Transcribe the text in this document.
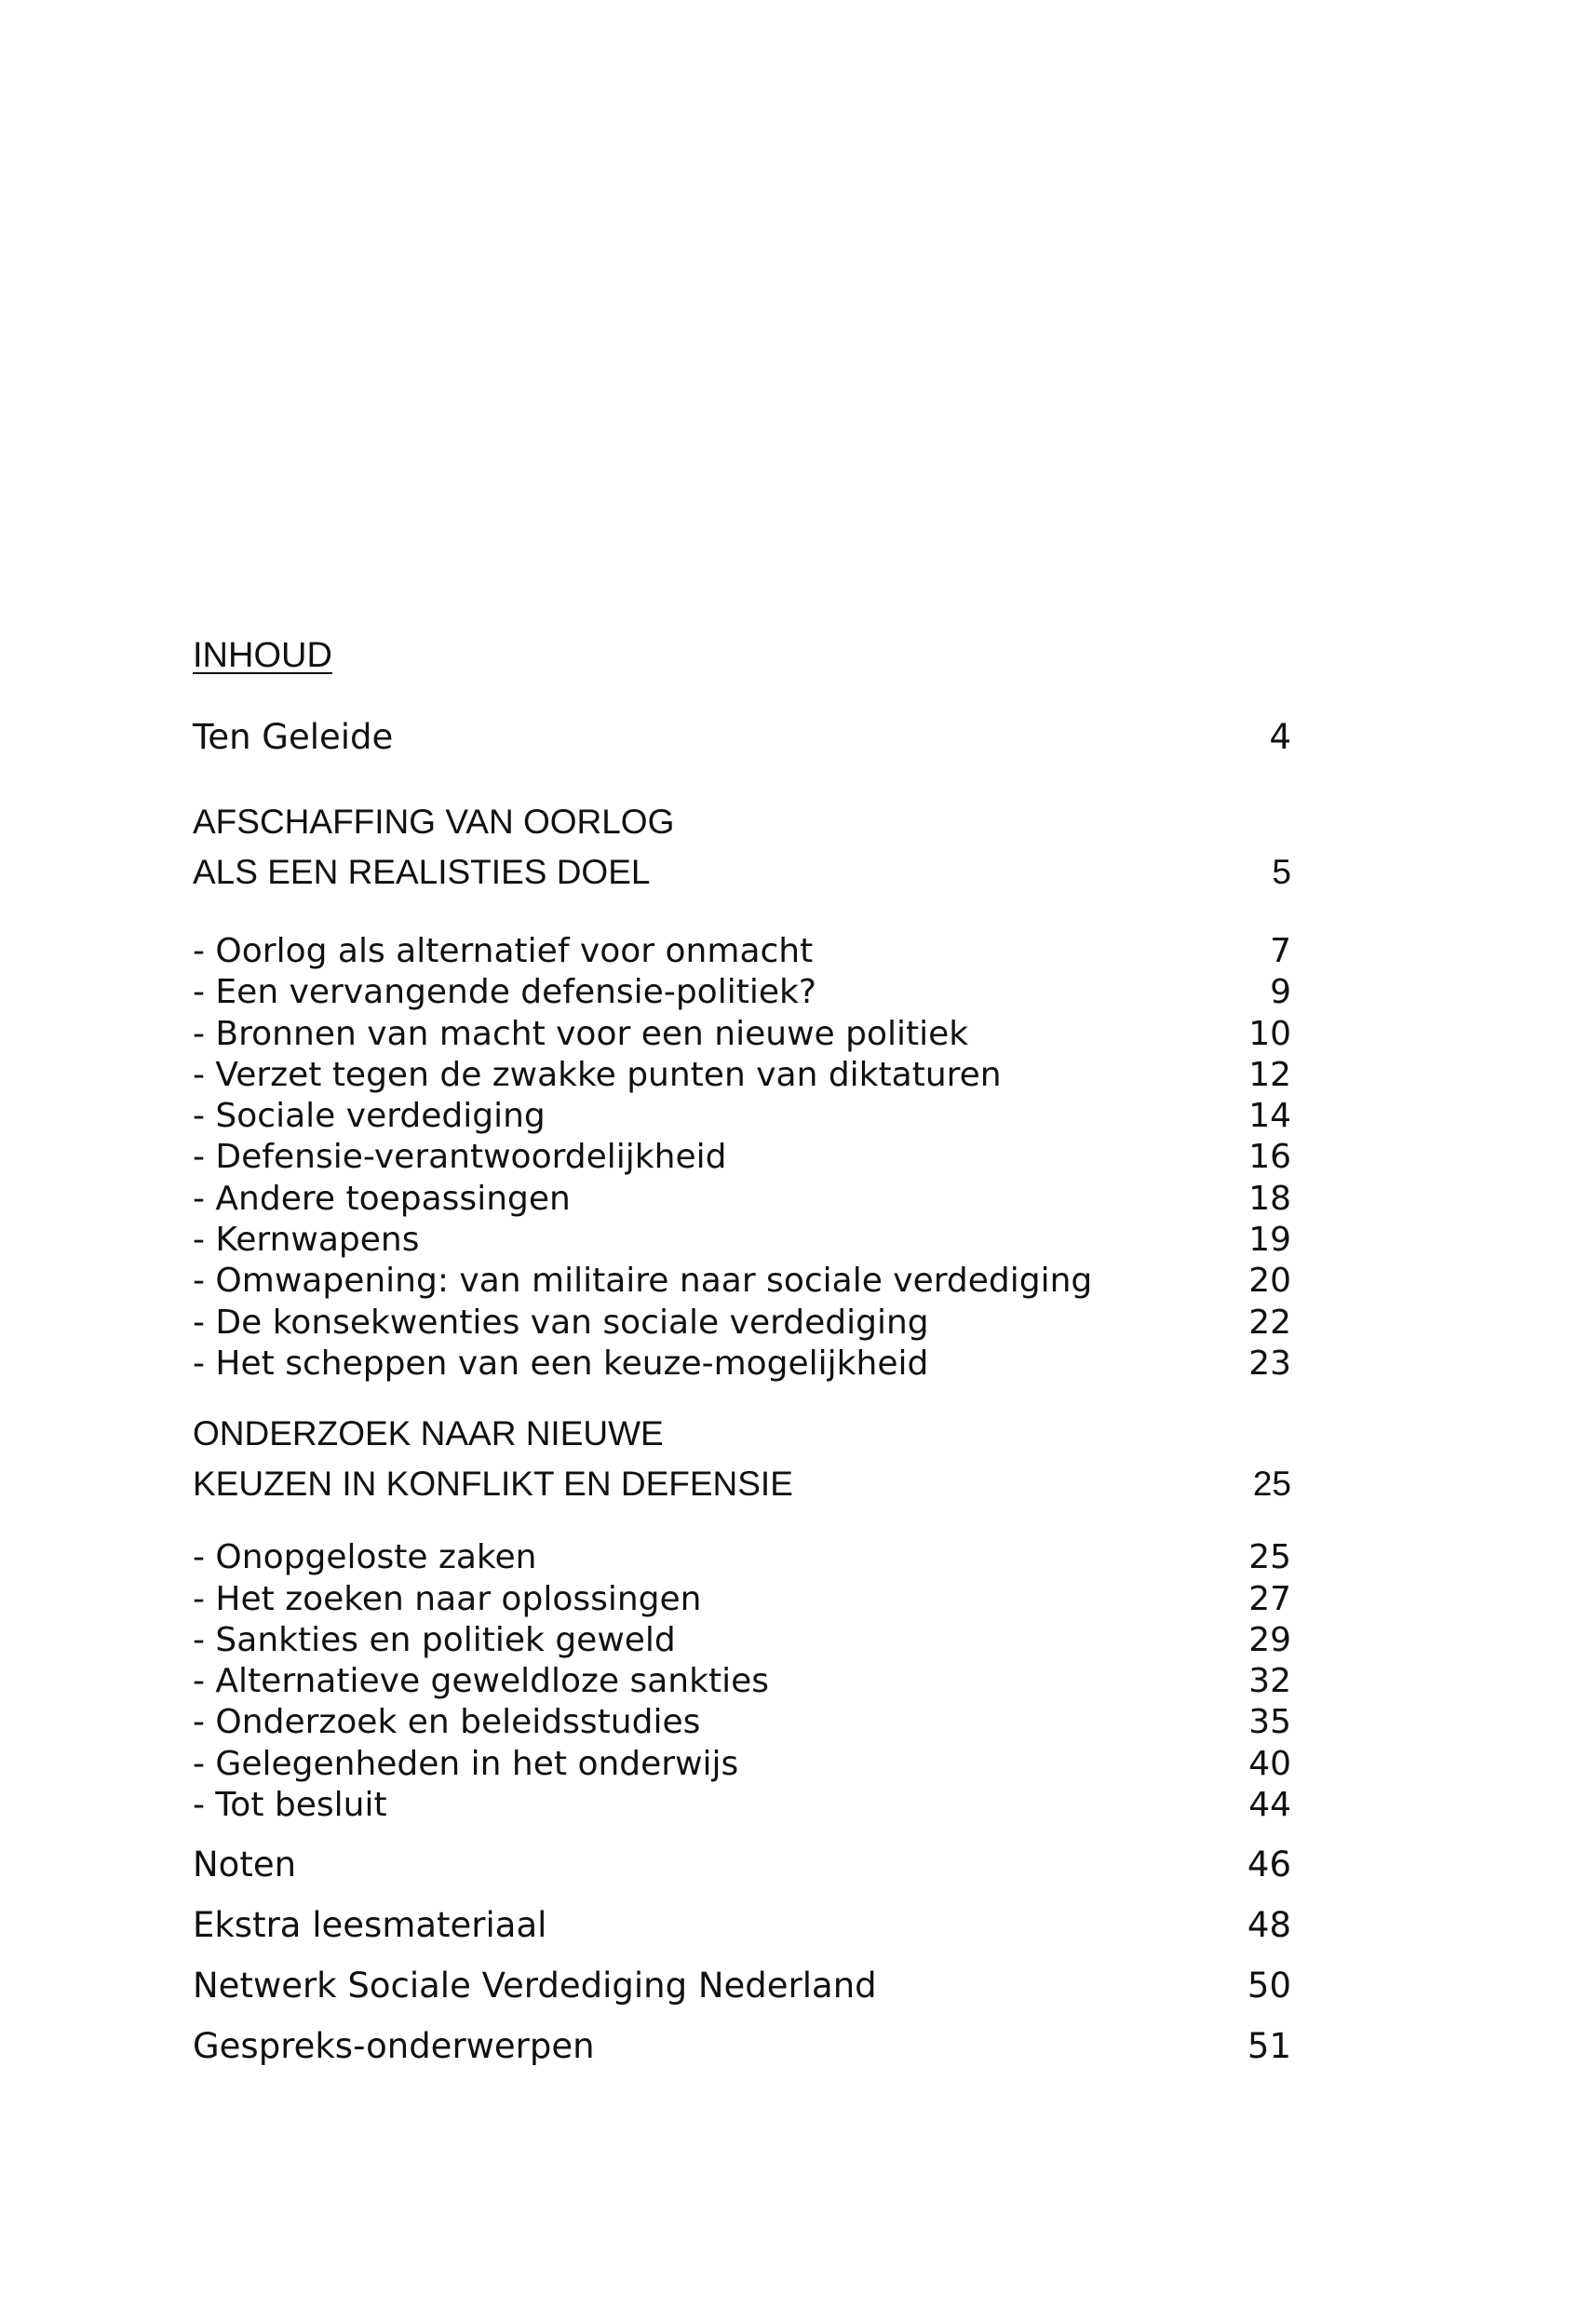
INHOUD
Ten Geleide	4
AFSCHAFFING VAN OORLOG
ALS EEN REALISTIES DOEL	5
- Oorlog als alternatief voor onmacht	7
- Een vervangende defensie-politiek?	9
- Bronnen van macht voor een nieuwe politiek	10
- Verzet tegen de zwakke punten van diktaturen	12
- Sociale verdediging	14
- Defensie-verantwoordelijkheid	16
- Andere toepassingen	18
- Kernwapens	19
- Omwapening: van militaire naar sociale verdediging	20
- De konsekwenties van sociale verdediging	22
- Het scheppen van een keuze-mogelijkheid	23
ONDERZOEK NAAR NIEUWE
KEUZEN IN KONFLIKT EN DEFENSIE	25
- Onopgeloste zaken	25
- Het zoeken naar oplossingen	27
- Sankties en politiek geweld	29
- Alternatieve geweldloze sankties	32
- Onderzoek en beleidsstudies	35
- Gelegenheden in het onderwijs	40
- Tot besluit	44
Noten	46
Ekstra leesmateriaal	48
Netwerk Sociale Verdediging Nederland	50
Gespreks-onderwerpen	51
